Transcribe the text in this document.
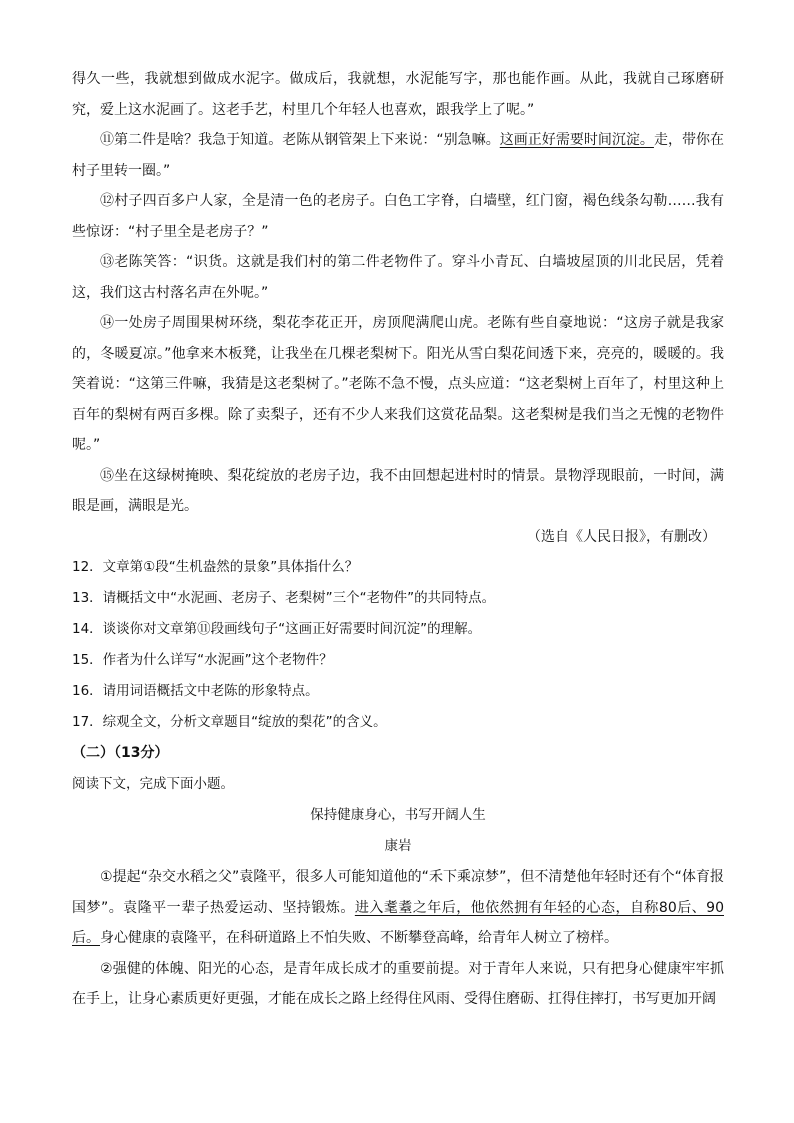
得久一些，我就想到做成水泥字。做成后，我就想，水泥能写字，那也能作画。从此，我就自己琢磨研究，爱上这水泥画了。这老手艺，村里几个年轻人也喜欢，跟我学上了呢。”

⑪第二件是啥？我急于知道。老陈从钢管架上下来说：“别急嘛。这画正好需要时间沉淀。走，带你在村子里转一圈。”

⑫村子四百多户人家，全是清一色的老房子。白色工字脊，白墙壁，红门窗，褐色线条勾勒……我有些惊讶：“村子里全是老房子？”

⑬老陈笑答：“识货。这就是我们村的第二件老物件了。穿斗小青瓦、白墙坡屋顶的川北民居，凭着这，我们这古村落名声在外呢。”

⑭一处房子周围果树环绕，梨花李花正开，房顶爬满爬山虎。老陈有些自豪地说：“这房子就是我家的，冬暖夏凉。”他拿来木板凳，让我坐在几棵老梨树下。阳光从雪白梨花间透下来，亮亮的，暖暖的。我笑着说：“这第三件嘛，我猜是这老梨树了。”老陈不急不慢，点头应道：“这老梨树上百年了，村里这种上百年的梨树有两百多棵。除了卖梨子，还有不少人来我们这赏花品梨。这老梨树是我们当之无愧的老物件呢。”

⑮坐在这绿树掩映、梨花绽放的老房子边，我不由回想起进村时的情景。景物浮现眼前，一时间，满眼是画，满眼是光。

（选自《人民日报》，有删改）

12．文章第①段“生机盎然的景象”具体指什么？

13．请概括文中“水泥画、老房子、老梨树”三个“老物件”的共同特点。

14．谈谈你对文章第⑪段画线句子“这画正好需要时间沉淀”的理解。

15．作者为什么详写“水泥画”这个老物件？

16．请用词语概括文中老陈的形象特点。

17．综观全文，分析文章题目“绽放的梨花”的含义。

（二）（13分）

阅读下文，完成下面小题。

保持健康身心，书写开阔人生

康岩

①提起“杂交水稻之父”袁隆平，很多人可能知道他的“禾下乘凉梦”，但不清楚他年轻时还有个“体育报国梦”。袁隆平一辈子热爱运动、坚持锻炼。进入耄耋之年后，他依然拥有年轻的心态，自称80后、90后。身心健康的袁隆平，在科研道路上不怕失败、不断攀登高峰，给青年人树立了榜样。

②强健的体魄、阳光的心态，是青年成长成才的重要前提。对于青年人来说，只有把身心健康牢牢抓在手上，让身心素质更好更强，才能在成长之路上经得住风雨、受得住磨砺、扛得住摔打，书写更加开阔
